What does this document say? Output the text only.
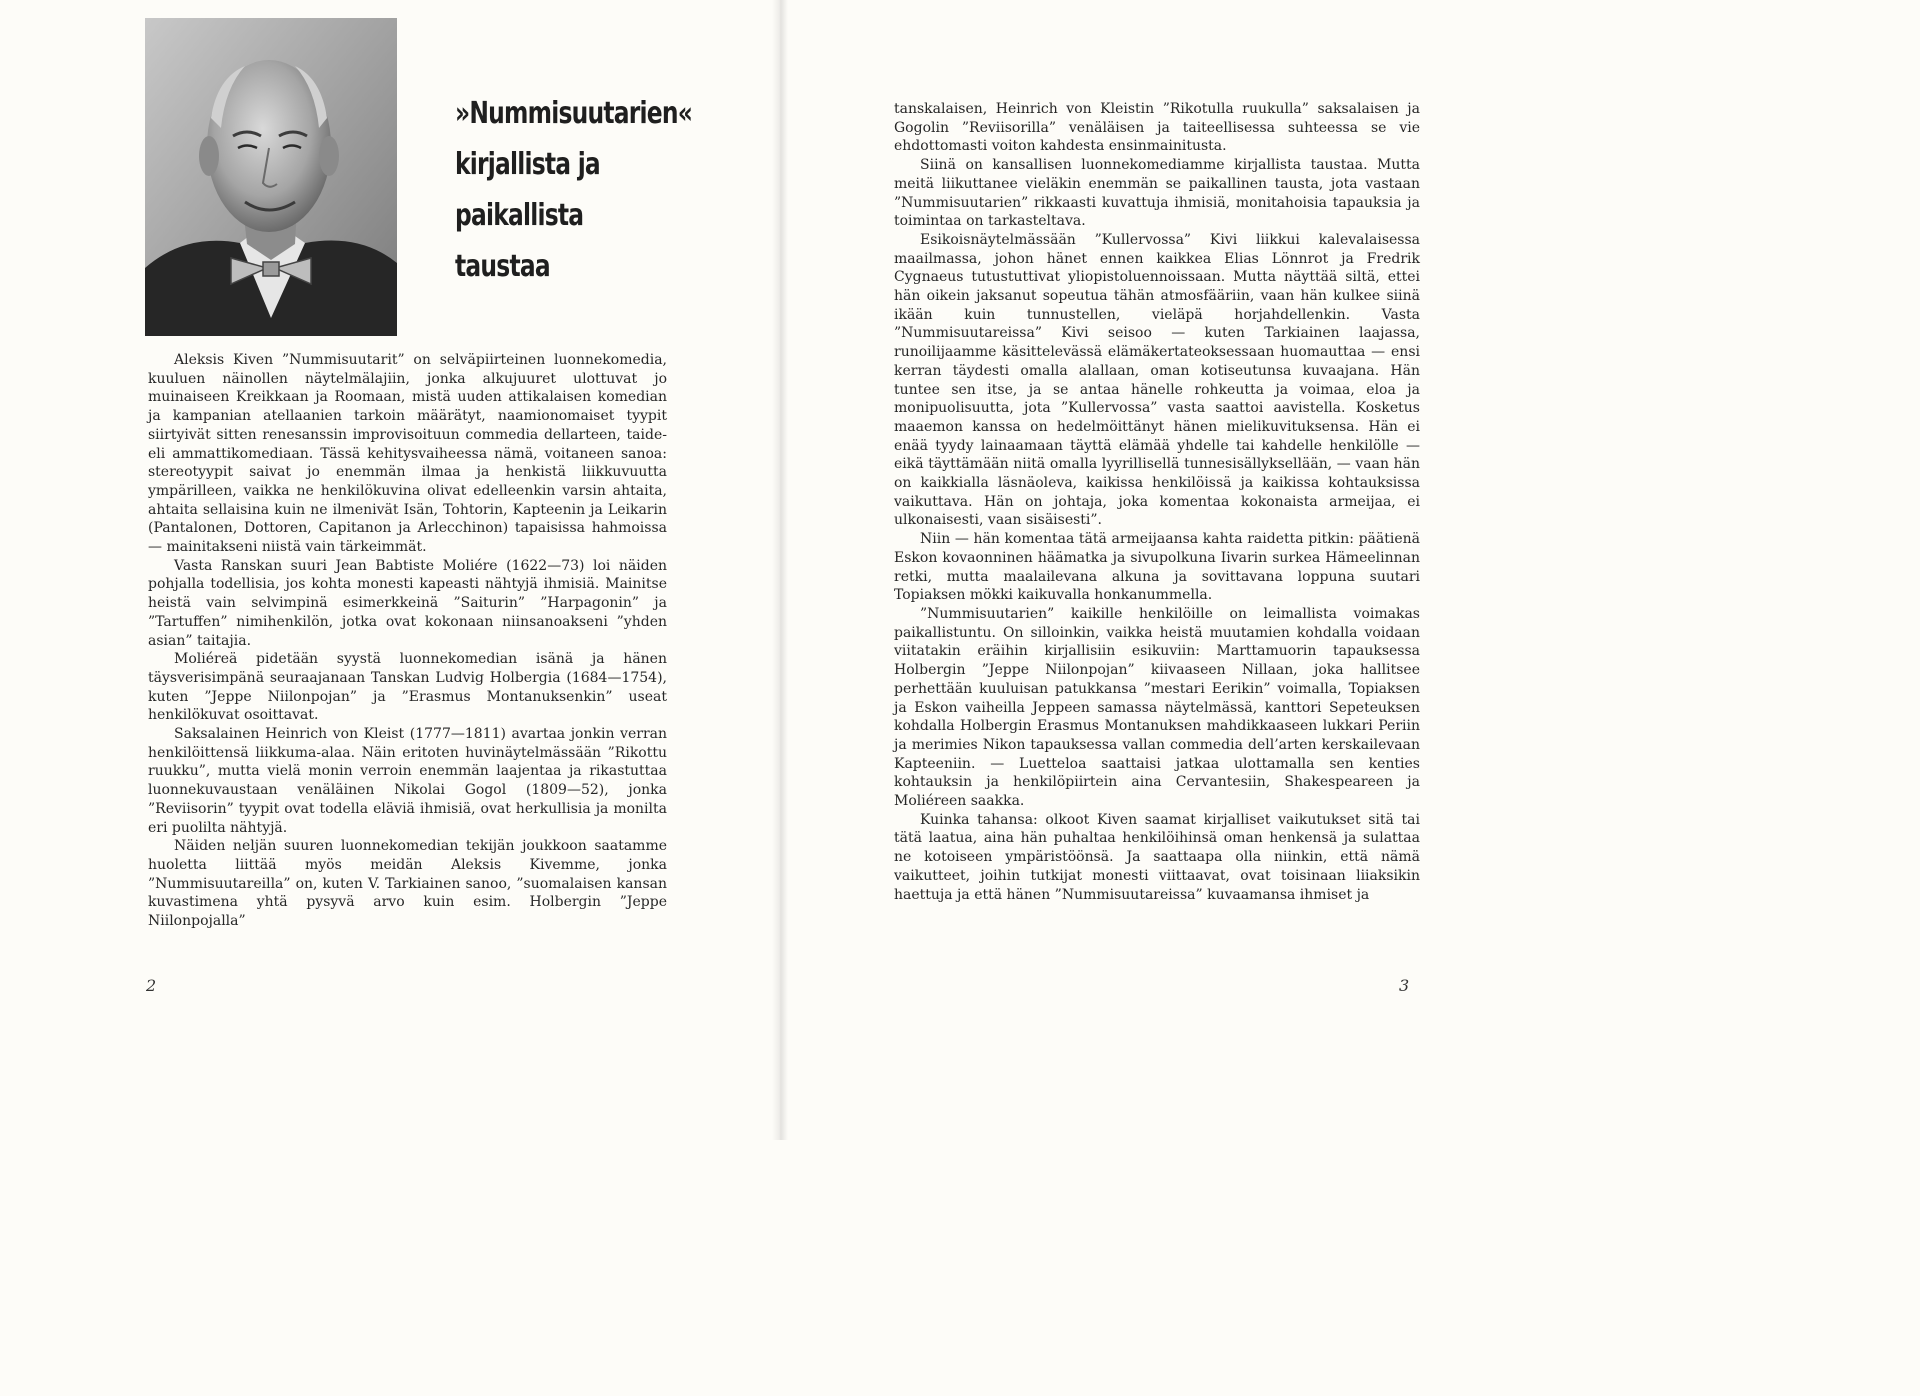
»Nummisuutarien«
kirjallista ja
paikallista
taustaa

Aleksis Kiven ”Nummisuutarit” on selväpiirteinen luonnekomedia, kuuluen näinollen näytelmälajiin, jonka alkujuuret ulottuvat jo muinaiseen Kreikkaan ja Roomaan, mistä uuden attikalaisen komedian ja kampanian atellaanien tarkoin määrätyt, naamionomaiset tyypit siirtyivät sitten renesanssin improvisoituun commedia dellarteen, taideeli ammattikomediaan. Tässä kehitysvaiheessa nämä, voitaneen sanoa: stereotyypit saivat jo enemmän ilmaa ja henkistä liikkuvuutta ympärilleen, vaikka ne henkilökuvina olivat edelleenkin varsin ahtaita, ahtaita sellaisina kuin ne ilmenivät Isän, Tohtorin, Kapteenin ja Leikarin (Pantalonen, Dottoren, Capitanon ja Arlecchinon) tapaisissa hahmoissa — mainitakseni niistä vain tärkeimmät.

Vasta Ranskan suuri Jean Babtiste Moliére (1622—73) loi näiden pohjalla todellisia, jos kohta monesti kapeasti nähtyjä ihmisiä. Mainitse heistä vain selvimpinä esimerkkeinä ”Saiturin” ”Harpagonin” ja ”Tartuffen” nimihenkilön, jotka ovat kokonaan niinsanoakseni ”yhden asian” taitajia.

Moliéreä pidetään syystä luonnekomedian isänä ja hänen täysverisimpänä seuraajanaan Tanskan Ludvig Holbergia (1684—1754), kuten ”Jeppe Niilonpojan” ja ”Erasmus Montanuksenkin” useat henkilökuvat osoittavat.

Saksalainen Heinrich von Kleist (1777—1811) avartaa jonkin verran henkilöittensä liikkuma-alaa. Näin eritoten huvinäytelmässään ”Rikottu ruukku”, mutta vielä monin verroin enemmän laajentaa ja rikastuttaa luonnekuvaustaan venäläinen Nikolai Gogol (1809—52), jonka ”Reviisorin” tyypit ovat todella eläviä ihmisiä, ovat herkullisia ja monilta eri puolilta nähtyjä.

Näiden neljän suuren luonnekomedian tekijän joukkoon saatamme huoletta liittää myös meidän Aleksis Kivemme, jonka ”Nummisuutareilla” on, kuten V. Tarkiainen sanoo, ”suomalaisen kansan kuvastimena yhtä pysyvä arvo kuin esim. Holbergin ”Jeppe Niilonpojalla”

2

tanskalaisen, Heinrich von Kleistin ”Rikotulla ruukulla” saksalaisen ja Gogolin ”Reviisorilla” venäläisen ja taiteellisessa suhteessa se vie ehdottomasti voiton kahdesta ensinmainitusta.

Siinä on kansallisen luonnekomediamme kirjallista taustaa. Mutta meitä liikuttanee vieläkin enemmän se paikallinen tausta, jota vastaan ”Nummisuutarien” rikkaasti kuvattuja ihmisiä, monitahoisia tapauksia ja toimintaa on tarkasteltava.

Esikoisnäytelmässään ”Kullervossa” Kivi liikkui kalevalaisessa maailmassa, johon hänet ennen kaikkea Elias Lönnrot ja Fredrik Cygnaeus tutustuttivat yliopistoluennoissaan. Mutta näyttää siltä, ettei hän oikein jaksanut sopeutua tähän atmosfääriin, vaan hän kulkee siinä ikään kuin tunnustellen, vieläpä horjahdellenkin. Vasta ”Nummisuutareissa” Kivi seisoo — kuten Tarkiainen laajassa, runoilijaamme käsittelevässä elämäkertateoksessaan huomauttaa — ensi kerran täydesti omalla alallaan, oman kotiseutunsa kuvaajana. Hän tuntee sen itse, ja se antaa hänelle rohkeutta ja voimaa, eloa ja monipuolisuutta, jota ”Kullervossa” vasta saattoi aavistella. Kosketus maaemon kanssa on hedelmöittänyt hänen mielikuvituksensa. Hän ei enää tyydy lainaamaan täyttä elämää yhdelle tai kahdelle henkilölle — eikä täyttämään niitä omalla lyyrillisellä tunnesisällyksellään, — vaan hän on kaikkialla läsnäoleva, kaikissa henkilöissä ja kaikissa kohtauksissa vaikuttava. Hän on johtaja, joka komentaa kokonaista armeijaa, ei ulkonaisesti, vaan sisäisesti”.

Niin — hän komentaa tätä armeijaansa kahta raidetta pitkin: päätienä Eskon kovaonninen häämatka ja sivupolkuna Iivarin surkea Hämeelinnan retki, mutta maalailevana alkuna ja sovittavana loppuna suutari Topiaksen mökki kaikuvalla honkanummella.

”Nummisuutarien” kaikille henkilöille on leimallista voimakas paikallistuntu. On silloinkin, vaikka heistä muutamien kohdalla voidaan viitatakin eräihin kirjallisiin esikuviin: Marttamuorin tapauksessa Holbergin ”Jeppe Niilonpojan” kiivaaseen Nillaan, joka hallitsee perhettään kuuluisan patukkansa ”mestari Eerikin” voimalla, Topiaksen ja Eskon vaiheilla Jeppeen samassa näytelmässä, kanttori Sepeteuksen kohdalla Holbergin Erasmus Montanuksen mahdikkaaseen lukkari Periin ja merimies Nikon tapauksessa vallan commedia dell’arten kerskailevaan Kapteeniin. — Luetteloa saattaisi jatkaa ulottamalla sen kenties kohtauksin ja henkilöpiirtein aina Cervantesiin, Shakespeareen ja Moliéreen saakka.

Kuinka tahansa: olkoot Kiven saamat kirjalliset vaikutukset sitä tai tätä laatua, aina hän puhaltaa henkilöihinsä oman henkensä ja sulattaa ne kotoiseen ympäristöönsä. Ja saattaapa olla niinkin, että nämä vaikutteet, joihin tutkijat monesti viittaavat, ovat toisinaan liiaksikin haettuja ja että hänen ”Nummisuutareissa” kuvaamansa ihmiset ja

3
